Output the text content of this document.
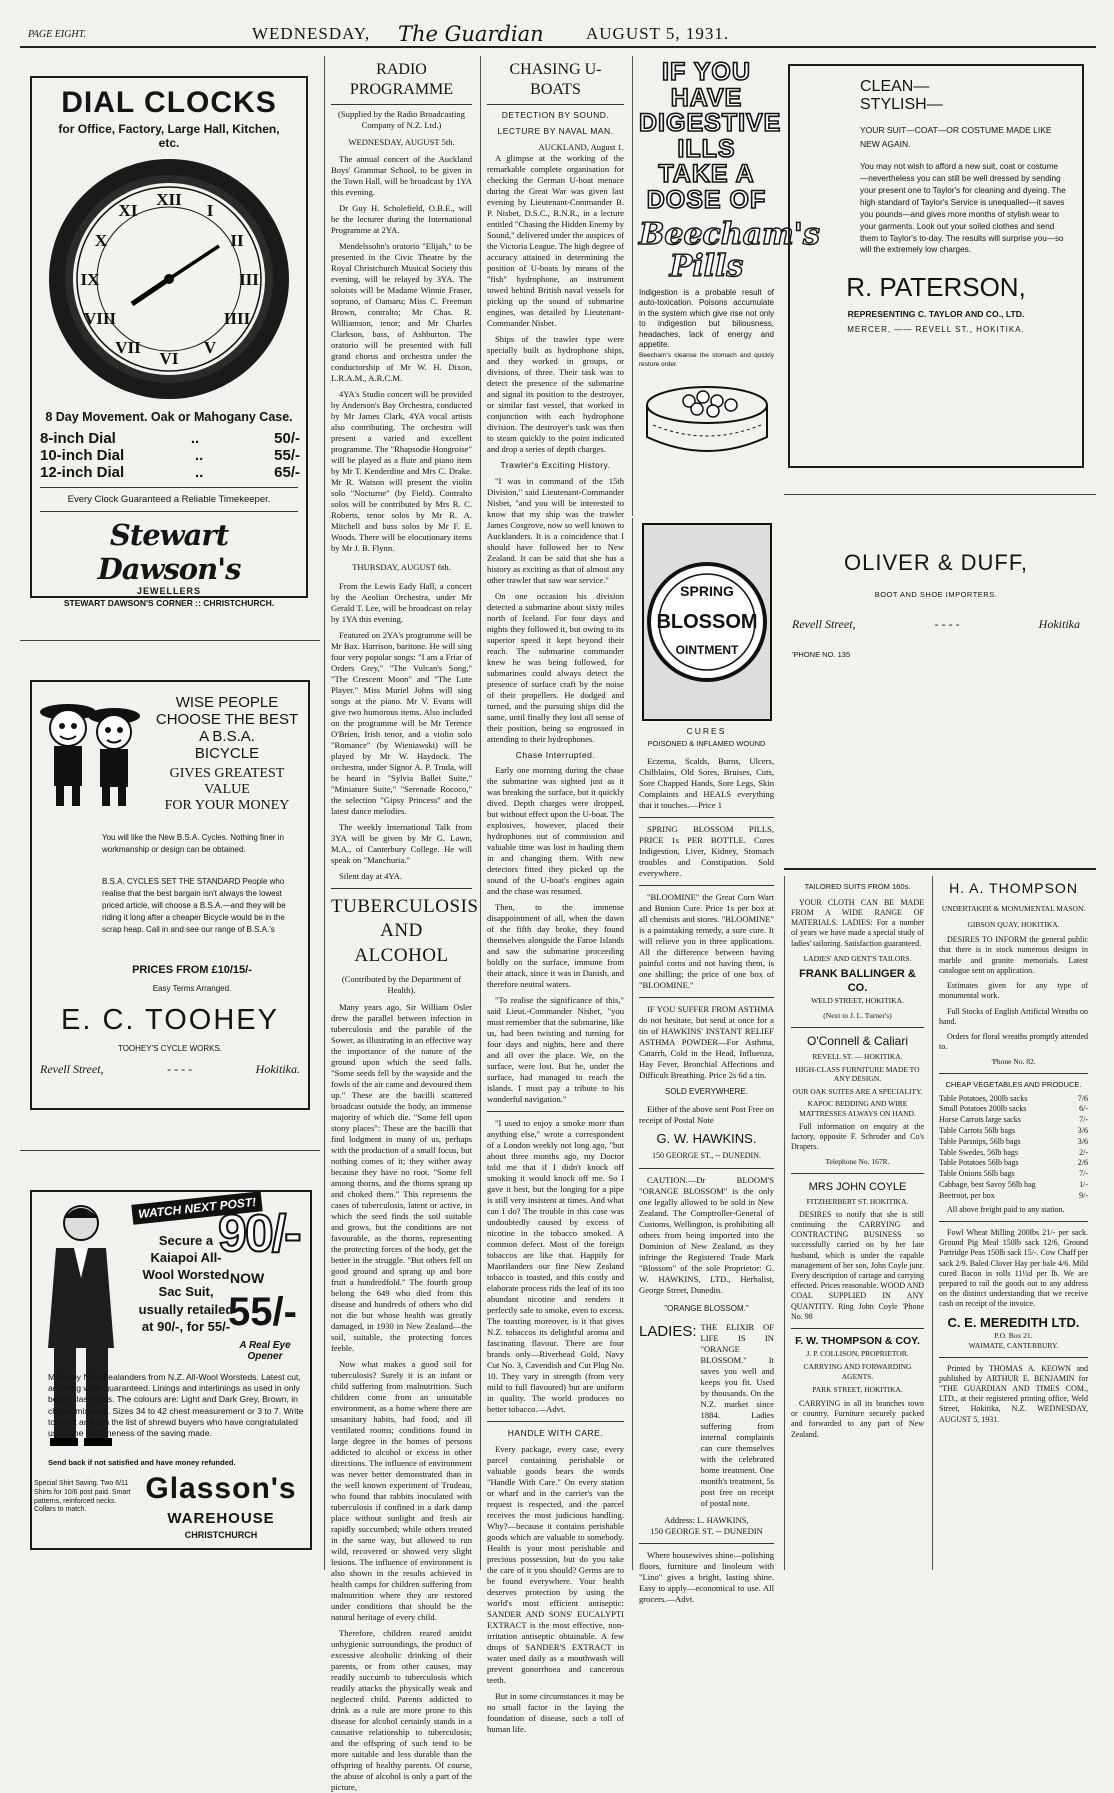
PAGE EIGHT.	WEDNESDAY, The Guardian AUGUST 5, 1931.
DIAL CLOCKS
for Office, Factory, Large Hall, Kitchen, etc.
XII
I
II
III
IIII
V
VI
VII
VIII
IX
X
XI
8 Day Movement. Oak or Mahogany Case.
8-inch Dial	..	50/-
10-inch Dial	..	55/-
12-inch Dial	..	65/-
Every Clock Guaranteed a Reliable Timekeeper.
Stewart Dawson's
JEWELLERS
STEWART DAWSON'S CORNER :: CHRISTCHURCH.
WISE PEOPLE
CHOOSE THE BEST
A B.S.A.
BICYCLE
GIVES GREATEST
VALUE
FOR YOUR MONEY
You will like the New B.S.A. Cycles. Nothing finer in workmanship or design can be obtained.
B.S.A. CYCLES SET THE STANDARD People who realise that the best bargain isn't always the lowest priced article, will choose a B.S.A.—and they will be riding it long after a cheaper Bicycle would be in the scrap heap. Call in and see our range of B.S.A.'s
PRICES FROM £10/15/-
Easy Terms Arranged.
E. C. TOOHEY
TOOHEY'S CYCLE WORKS.
Revell Street,	- - - -	Hokitika.
WATCH NEXT POST!
90/-
NOW
55/-
Secure a Kaiapoi All-Wool Worsted Sac Suit, usually retailed at 90/-, for 55/-
A Real Eye Opener
Made by New Zealanders from N.Z. All-Wool Worsteds. Latest cut, and long wear guaranteed. Linings and interlinings as used in only better class suits. The colours are: Light and Dark Grey, Brown, in choice mixtures. Sizes 34 to 42 chest measurement or 3 to 7. Write to-night and join the list of shrewd buyers who have congratulated us on the genuineness of the saving made.
Send back if not satisfied and have money refunded.
Special Shirt Saving. Two 6/11 Shirts for 10/6 post paid. Smart patterns, reinforced necks. Collars to match.
Glasson's
WAREHOUSE
CHRISTCHURCH
RADIO PROGRAMME
(Supplied by the Radio Broadcasting Company of N.Z. Ltd.)
WEDNESDAY, AUGUST 5th.

The annual concert of the Auckland Boys' Grammar School, to be given in the Town Hall, will be broadcast by 1YA this evening.

Dr Guy H. Scholefield, O.B.E., will be the lecturer during the International Programme at 2YA.

Mendelssohn's oratorio "Elijah," to be presented in the Civic Theatre by the Royal Christchurch Musical Society this evening, will be relayed by 3YA. The soloists will be Madame Winnie Fraser, soprano, of Oamaru; Miss C. Freeman Brown, contralto; Mr Chas. R. Williamson, tenor; and Mr Charles Clarkson, bass, of Ashburton. The oratorio will be presented with full grand chorus and orchestra under the conductorship of Mr W. H. Dixon, L.R.A.M., A.R.C.M.

4YA's Studio concert will be provided by Anderson's Bay Orchestra, conducted by Mr James Clark, 4YA vocal artists also contributing. The orchestra will present a varied and excellent programme. The "Rhapsodie Hongroise" will be played as a flute and piano item by Mr T. Kenderdine and Mrs C. Drake. Mr R. Watson will present the violin solo "Nocturne" (by Field). Contralto solos will be contributed by Mrs R. C. Roberts, tenor solos by Mr R. A. Mitchell and bass solos by Mr F. E. Woods. There will be elocutionary items by Mr J. B. Flynn.

THURSDAY, AUGUST 6th.

From the Lewis Eady Hall, a concert by the Aeolian Orchestra, under Mr Gerald T. Lee, will be broadcast on relay by 1YA this evening.

Featured on 2YA's programme will be Mr Bax. Harrison, baritone. He will sing four very popular songs: "I am a Friar of Orders Grey," "The Vulcan's Song," "The Crescent Moon" and "The Lute Player." Miss Muriel Johns will sing songs at the piano. Mr V. Evans will give two humorous items. Also included on the programme will be Mr Terence O'Brien, Irish tenor, and a violin solo "Romance" (by Wieniawski) will be played by Mr W. Haydock. The orchestra, under Signor A. P. Truda, will be heard in "Sylvia Ballet Suite," "Miniature Suite," "Serenade Rococo," the selection "Gipsy Princess" and the latest dance melodies.

The weekly International Talk from 3YA will be given by Mr G. Lawn, M.A., of Canterbury College. He will speak on "Manchuria."

Silent day at 4YA.

TUBERCULOSIS AND ALCOHOL
(Contributed by the Department of Health).

Many years ago, Sir William Osler drew the parallel between infection in tuberculosis and the parable of the Sower, as illustrating in an effective way the importance of the nature of the ground upon which the seed falls. "Some seeds fell by the wayside and the fowls of the air came and devoured them up." These are the bacilli scattered broadcast outside the body, an immense majority of which die. "Some fell upon stony places": These are the bacilli that find lodgment in many of us, perhaps with the production of a small focus, but nothing comes of it; they wither away because they have no root. "Some fell among thorns, and the thorns sprang up and choked them." This represents the cases of tuberculosis, latent or active, in which the seed finds the soil suitable and grows, but the conditions are not favourable, as the thorns, representing the protecting forces of the body, get the better in the struggle. "But others fell on good ground and sprang up and bore fruit a hundredfold." The fourth group belong the 649 who died from this disease and hundreds of others who did not die but whose health was greatly damaged, in 1930 in New Zealand—the soil, suitable, the protecting forces feeble.

Now what makes a good soil for tuberculosis? Surely it is an infant or child suffering from malnutrition. Such children come from an unsuitable environment, as a home where there are unsanitary habits, bad food, and ill ventilated rooms; conditions found in large degree in the homes of persons addicted to alcohol or excess in other directions. The influence of environment was never better demonstrated than in the well known experiment of Trudeau, who found that rabbits inoculated with tuberculosis if confined in a dark damp place without sunlight and fresh air rapidly succumbed; while others treated in the same way, but allowed to run wild, recovered or showed very slight lesions. The influence of environment is also shown in the results achieved in health camps for children suffering from malnutrition where they are restored under conditions that should be the natural heritage of every child.

Therefore, children reared amidst unhygienic surroundings, the product of excessive alcoholic drinking of their parents, or from other causes, may readily succumb to tuberculosis which readily attacks the physically weak and neglected child. Parents addicted to drink as a rule are more prone to this disease for alcohol certainly stands in a causative relationship to tuberculosis; and the offspring of such tend to be more suitable and less durable than the offspring of healthy parents. Of course, the abuse of alcohol is only a part of the picture,

CHASING U-BOATS
DETECTION BY SOUND.
LECTURE BY NAVAL MAN.
AUCKLAND, August 1.

A glimpse at the working of the remarkable complete organisation for checking the German U-boat menace during the Great War was given last evening by Lieutenant-Commander B. P. Nisbet, D.S.C., R.N.R., in a lecture entitled "Chasing the Hidden Enemy by Sound," delivered under the auspices of the Victoria League. The high degree of accuracy attained in determining the position of U-boats by means of the "fish" hydrophone, an instrument towed behind British naval vessels for picking up the sound of submarine engines, was detailed by Lieutenant-Commander Nisbet.

Ships of the trawler type were specially built as hydrophone ships, and they worked in groups, or divisions, of three. Their task was to detect the presence of the submarine and signal its position to the destroyer, or similar fast vessel, that worked in conjunction with each hydrophone division. The destroyer's task was then to steam quickly to the point indicated and drop a series of depth charges.

Trawler's Exciting History.

"I was in command of the 15th Division," said Lieutenant-Commander Nisbet, "and you will be interested to know that my ship was the trawler James Cosgrove, now so well known to Aucklanders. It is a coincidence that I should have followed her to New Zealand. It can be said that she has a history as exciting as that of almost any other trawler that saw war service."

On one occasion his division detected a submarine about sixty miles north of Iceland. For four days and nights they followed it, but owing to its superior speed it kept beyond their reach. The submarine commander knew he was being followed, for submarines could always detect the presence of surface craft by the noise of their propellers. He dodged and turned, and the pursuing ships did the same, until finally they lost all sense of their position, being so engrossed in attending to their hydrophones.

Chase Interrupted.

Early one morning during the chase the submarine was sighted just as it was breaking the surface, but it quickly dived. Depth charges were dropped, but without effect upon the U-boat. The explosives, however, placed their hydrophones out of commission and valuable time was lost in hauling them in and changing them. With new detectors fitted they picked up the sound of the U-boat's engines again and the chase was resumed.

Then, to the immense disappointment of all, when the dawn of the fifth day broke, they found themselves alongside the Faroe Islands and saw the submarine proceeding boldly on the surface, immune from their attack, since it was in Danish, and therefore neutral waters.

"To realise the significance of this," said Lieut.-Commander Nisbet, "you must remember that the submarine, like us, had been twisting and turning for four days and nights, here and there and all over the place. We, on the surface, were lost. But he, under the surface, had managed to reach the islands. I must pay a tribute to his wonderful navigation."

"I used to enjoy a smoke more than anything else," wrote a correspondent of a London weekly not long ago, "but about three months ago, my Doctor told me that if I didn't knock off smoking it would knock off me. So I gave it best, but the longing for a pipe is still very insistent at times. And what can I do? The trouble in this case was undoubtedly caused by excess of nicotine in the tobacco smoked. A common defect. Most of the foreign tobaccos are like that. Happily for Maorilanders our fine New Zealand tobacco is toasted, and this costly and elaborate process rids the leaf of its too abundant nicotine and renders it perfectly safe to smoke, even to excess. The toasting moreover, is it that gives N.Z. tobaccos its delightful aroma and fascinating flavour. There are four brands only—Riverhead Gold, Navy Cut No. 3, Cavendish and Cut Plug No. 10. They vary in strength (from very mild to full flavoured) but are uniform in quality. The world produces no better tobacco.—Advt.

HANDLE WITH CARE.

Every package, every case, every parcel containing perishable or valuable goods bears the words "Handle With Care." On every station or wharf and in the carrier's van the request is respected, and the parcel receives the most judicious handling. Why?—because it contains perishable goods which are valuable to somebody. Health is your most perishable and precious possession, but do you take the care of it you should? Germs are to be found everywhere. Your health deserves protection by using the world's most efficient antiseptic: SANDER AND SONS' EUCALYPTI EXTRACT is the most effective, non-irritation antiseptic obtainable. A few drops of SANDER'S EXTRACT in water used daily as a mouthwash will prevent gonorrhoea and cancerous teeth.

But in some circumstances it may be no small factor in the laying the foundation of disease, such a toll of human life.

IF YOU
HAVE
DIGESTIVE
ILLS
TAKE A
DOSE OF
Beecham's Pills
Indigestion is a probable result of auto-toxication. Poisons accumulate in the system which give rise not only to indigestion but biliousness, headaches, lack of energy and appetite.
Beecham's cleanse the stomach and quickly restore order.
SPRING
BLOSSOM
OINTMENT
CURES
POISONED & INFLAMED WOUND

Eczema, Scalds, Burns, Ulcers, Chilblains, Old Sores, Bruises, Cuts, Sore Chapped Hands, Sore Legs, Skin Complaints and HEALS everything that it touches.—Price 1

SPRING BLOSSOM PILLS, PRICE 1s PER BOTTLE. Cures Indigestion, Liver, Kidney, Stomach troubles and Constipation. Sold everywhere.

"BLOOMINE" the Great Corn Wart and Bunion Cure. Price 1s per box at all chemists and stores. "BLOOMINE" is a painstaking remedy, a sure cure. It will relieve you in three applications. All the difference between having painful corns and not having them, is one shilling; the price of one box of "BLOOMINE."

IF YOU SUFFER FROM ASTHMA do not hesitate, but send at once for a tin of HAWKINS' INSTANT RELIEF ASTHMA POWDER—For Asthma, Catarrh, Cold in the Head, Influenza, Hay Fever, Bronchial Affections and Difficult Breathing. Price 2s 6d a tin.

SOLD EVERYWHERE.

Either of the above sent Post Free on receipt of Postal Note

G. W. HAWKINS.
150 GEORGE ST., -- DUNEDIN.

CAUTION.—Dr BLOOM'S "ORANGE BLOSSOM" is the only one legally allowed to be sold in New Zealand. The Comptroller-General of Customs, Wellington, is prohibiting all others from being imported into the Dominion of New Zealand, as they infringe the Registered Trade Mark "Blossom" of the sole Proprietor: G. W. HAWKINS, LTD., Herbalist, George Street, Dunedin.

"ORANGE BLOSSOM."
LADIES: THE ELIXIR OF LIFE IS IN "ORANGE BLOSSOM." It saves you well and keeps you fit. Used by thousands. On the N.Z. market since 1884. Ladies suffering from internal complaints can cure themselves with the celebrated home treatment. One month's treatment, 5s post free on receipt of postal note.
Address: L. HAWKINS,
150 GEORGE ST. -- DUNEDIN

Where housewives shine—polishing floors, furniture and linoleum with "Lino" gives a bright, lasting shine. Easy to apply—economical to use. All grocers.—Advt.

CLEAN—
STYLISH—
YOUR SUIT—COAT—OR COSTUME MADE LIKE NEW AGAIN.
You may not wish to afford a new suit, coat or costume—nevertheless you can still be well dressed by sending your present one to Taylor's for cleaning and dyeing. The high standard of Taylor's Service is unequalled—it saves you pounds—and gives more months of stylish wear to your garments. Look out your soiled clothes and send them to Taylor's to-day. The results will surprise you—so will the extremely low charges.
R. PATERSON,
REPRESENTING C. TAYLOR AND CO., LTD.
MERCER, —— REVELL ST., HOKITIKA.
OLIVER & DUFF,
BOOT AND SHOE IMPORTERS.
Revell Street,	- - - -	Hokitika
'PHONE NO. 135
TAILORED SUITS FROM 160s.

YOUR CLOTH CAN BE MADE FROM A WIDE RANGE OF MATERIALS. LADIES: For a number of years we have made a special study of ladies' tailoring. Satisfaction guaranteed.

LADIES' AND GENT'S TAILORS.
FRANK BALLINGER & CO.
WELD STREET, HOKITIKA.
(Next to J. L. Turner's)
O'Connell & Caliari
REVELL ST. — HOKITIKA.
HIGH-CLASS FURNITURE MADE TO ANY DESIGN.
OUR OAK SUITES ARE A SPECIALITY.
KAPOC BEDDING AND WIRE MATTRESSES ALWAYS ON HAND.

Full information on enquiry at the factory, opposite F. Schroder and Co's Drapers.

Telephone No. 167R.
MRS JOHN COYLE
FITZHERBERT ST. HOKITIKA.

DESIRES to notify that she is still continuing the CARRYING and CONTRACTING BUSINESS so successfully carried on by her late husband, which is under the capable management of her son, John Coyle junr. Every description of cartage and carrying effected. Prices reasonable. WOOD AND COAL SUPPLIED IN ANY QUANTITY. Ring John Coyle 'Phone No. 98

F. W. THOMPSON & COY.
J. P. COLLISON, PROPRIETOR.
CARRYING AND FORWARDING AGENTS.
PARK STREET, HOKITIKA.

CARRYING in all its branches town or country. Furniture securely packed and forwarded to any part of New Zealand.

H. A. THOMPSON
UNDERTAKER & MONUMENTAL MASON.
GIBSON QUAY, HOKITIKA.

DESIRES TO INFORM the general public that there is in stock numerous designs in marble and granite memorials. Latest catalogue sent on application.

Estimates given for any type of monumental work.

Full Stocks of English Artificial Wreaths on hand.

Orders for floral wreaths promptly attended to.

'Phone No. 82.
CHEAP VEGETABLES AND PRODUCE.
Table Potatoes, 200lb sacks	7/6
Small Potatoes 200lb sacks	6/-
Horse Carrots large sacks	7/-
Table Carrots 56lb bags	3/6
Table Parsnips, 56lb bags	3/6
Table Swedes, 56lb bags	2/-
Table Potatoes 56lb bags	2/6
Table Onions 56lb bags	7/-
Cabbage, best Savoy 56lb bag	1/-
Beetroot, per box	9/-

All above freight paid to any station.

Fowl Wheat Milling 200lbs 21/- per sack. Ground Pig Meal 150lb sack 12/6. Ground Partridge Peas 150lb sack 15/-. Cow Chaff per sack 2/9. Baled Clover Hay per bale 4/6. Mild cured Bacon in rolls 11½d per lb. We are prepared to rail the goods out to any address on the distinct understanding that we receive cash on receipt of the invoice.

C. E. MEREDITH LTD.
P.O. Box 21.
WAIMATE, CANTERBURY.

Printed by THOMAS A. KEOWN and published by ARTHUR E. BENJAMIN for "THE GUARDIAN AND TIMES COM., LTD., at their registered printing office, Weld Street, Hokitika, N.Z. WEDNESDAY, AUGUST 5, 1931.
